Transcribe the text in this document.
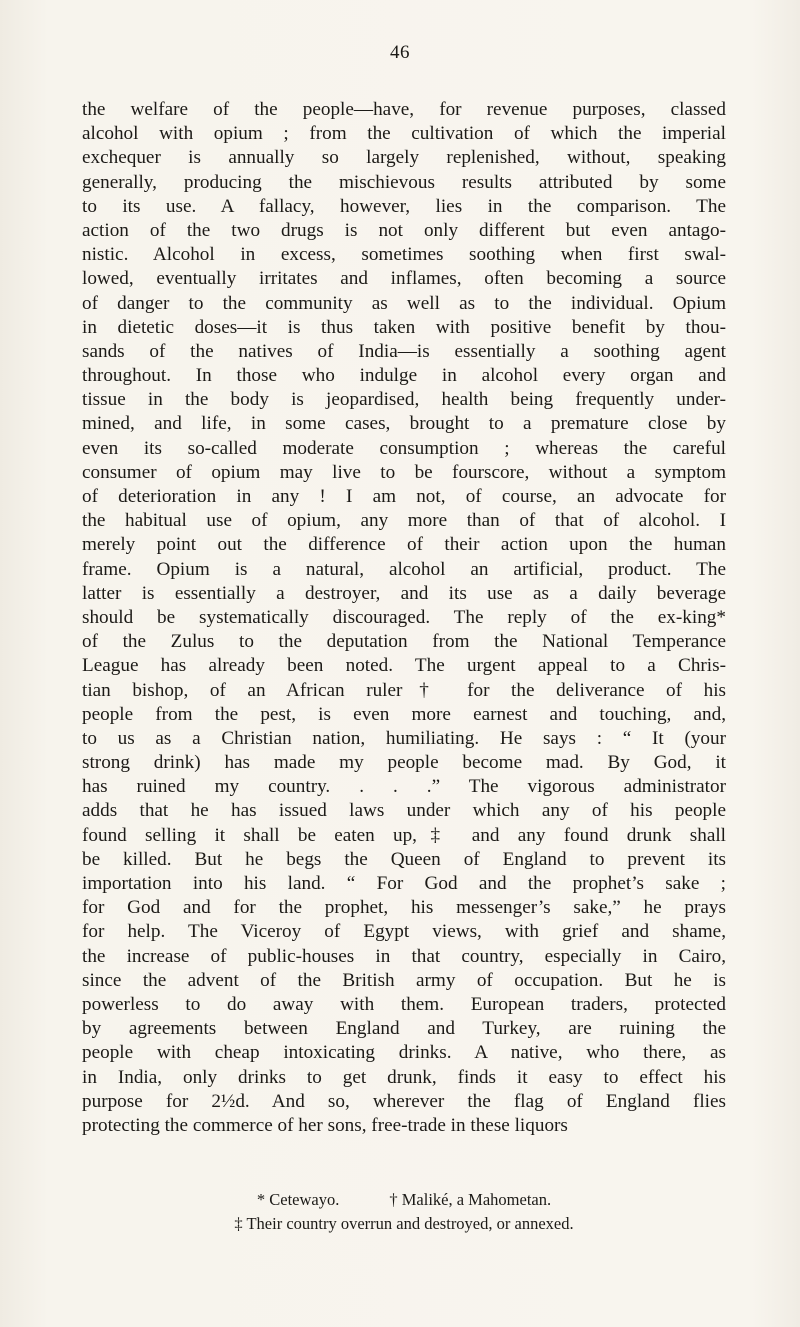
46
the welfare of the people—have, for revenue purposes, classed
alcohol with opium ; from the cultivation of which the imperial
exchequer is annually so largely replenished, without, speaking
generally, producing the mischievous results attributed by some
to its use. A fallacy, however, lies in the comparison. The
action of the two drugs is not only different but even antago-
nistic. Alcohol in excess, sometimes soothing when first swal-
lowed, eventually irritates and inflames, often becoming a source
of danger to the community as well as to the individual. Opium
in dietetic doses—it is thus taken with positive benefit by thou-
sands of the natives of India—is essentially a soothing agent
throughout. In those who indulge in alcohol every organ and
tissue in the body is jeopardised, health being frequently under-
mined, and life, in some cases, brought to a premature close by
even its so-called moderate consumption ; whereas the careful
consumer of opium may live to be fourscore, without a symptom
of deterioration in any ! I am not, of course, an advocate for
the habitual use of opium, any more than of that of alcohol. I
merely point out the difference of their action upon the human
frame. Opium is a natural, alcohol an artificial, product. The
latter is essentially a destroyer, and its use as a daily beverage
should be systematically discouraged. The reply of the ex-king*
of the Zulus to the deputation from the National Temperance
League has already been noted. The urgent appeal to a Chris-
tian bishop, of an African ruler† for the deliverance of his
people from the pest, is even more earnest and touching, and,
to us as a Christian nation, humiliating. He says : “ It (your
strong drink) has made my people become mad. By God, it
has ruined my country. . . .” The vigorous administrator
adds that he has issued laws under which any of his people
found selling it shall be eaten up,‡ and any found drunk shall
be killed. But he begs the Queen of England to prevent its
importation into his land. “ For God and the prophet’s sake ;
for God and for the prophet, his messenger’s sake,” he prays
for help. The Viceroy of Egypt views, with grief and shame,
the increase of public-houses in that country, especially in Cairo,
since the advent of the British army of occupation. But he is
powerless to do away with them. European traders, protected
by agreements between England and Turkey, are ruining the
people with cheap intoxicating drinks. A native, who there, as
in India, only drinks to get drunk, finds it easy to effect his
purpose for 2½d. And so, wherever the flag of England flies
protecting the commerce of her sons, free-trade in these liquors
* Cetewayo.	† Maliké, a Mahometan.
‡ Their country overrun and destroyed, or annexed.
